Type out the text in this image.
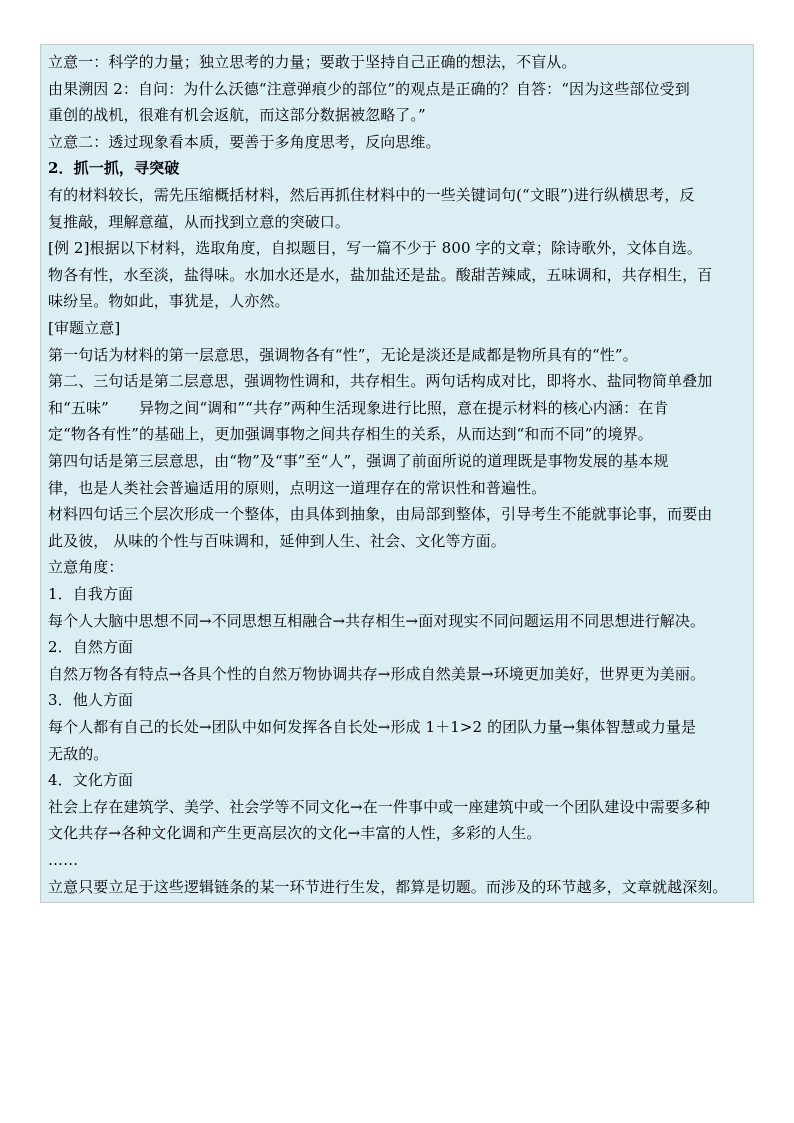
立意一：科学的力量；独立思考的力量；要敢于坚持自己正确的想法，不盲从。
由果溯因 2：自问：为什么沃德“注意弹痕少的部位”的观点是正确的？自答：“因为这些部位受到
重创的战机，很难有机会返航，而这部分数据被忽略了。”
立意二：透过现象看本质，要善于多角度思考，反向思维。
2．抓一抓，寻突破
有的材料较长，需先压缩概括材料，然后再抓住材料中的一些关键词句(“文眼”)进行纵横思考，反
复推敲，理解意蕴，从而找到立意的突破口。
[例 2]根据以下材料，选取角度，自拟题目，写一篇不少于 800 字的文章；除诗歌外，文体自选。
物各有性，水至淡，盐得味。水加水还是水，盐加盐还是盐。酸甜苦辣咸，五味调和，共存相生，百
味纷呈。物如此，事犹是，人亦然。
[审题立意]
第一句话为材料的第一层意思，强调物各有“性”，无论是淡还是咸都是物所具有的“性”。
第二、三句话是第二层意思，强调物性调和，共存相生。两句话构成对比，即将水、盐同物简单叠加
和“五味”　　异物之间“调和”“共存”两种生活现象进行比照，意在提示材料的核心内涵：在肯
定“物各有性”的基础上，更加强调事物之间共存相生的关系，从而达到“和而不同”的境界。
第四句话是第三层意思，由“物”及“事”至“人”，强调了前面所说的道理既是事物发展的基本规
律，也是人类社会普遍适用的原则，点明这一道理存在的常识性和普遍性。
材料四句话三个层次形成一个整体，由具体到抽象，由局部到整体，引导考生不能就事论事，而要由
此及彼， 从味的个性与百味调和，延伸到人生、社会、文化等方面。
立意角度：
1．自我方面
每个人大脑中思想不同→不同思想互相融合→共存相生→面对现实不同问题运用不同思想进行解决。
2．自然方面
自然万物各有特点→各具个性的自然万物协调共存→形成自然美景→环境更加美好，世界更为美丽。
3．他人方面
每个人都有自己的长处→团队中如何发挥各自长处→形成 1＋1>2 的团队力量→集体智慧或力量是
无敌的。
4．文化方面
社会上存在建筑学、美学、社会学等不同文化→在一件事中或一座建筑中或一个团队建设中需要多种
文化共存→各种文化调和产生更高层次的文化→丰富的人性，多彩的人生。
……
立意只要立足于这些逻辑链条的某一环节进行生发，都算是切题。而涉及的环节越多，文章就越深刻。
